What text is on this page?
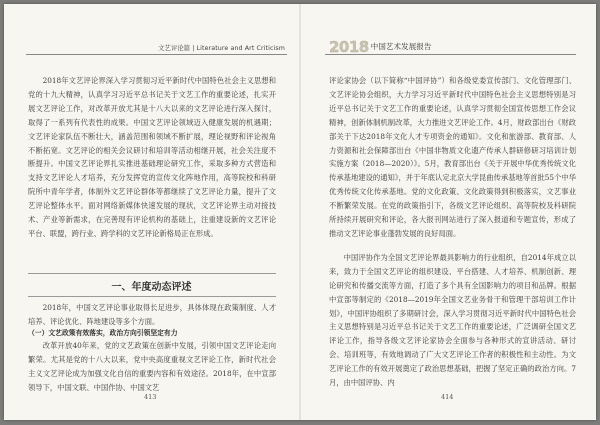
文艺评论篇 | Literature and Art Criticism

2018年文艺评论界深入学习贯彻习近平新时代中国特色社会主义思想和党的十九大精神，认真学习习近平总书记关于文艺工作的重要论述，扎实开展文艺评论工作，对改革开放尤其是十八大以来的文艺评论进行深入探讨，取得了一系列有代表性的成果。中国文艺评论领域迈入健康发展的机遇期；文艺评论家队伍不断壮大，涵盖范围和领域不断扩展，理论视野和评论视角不断拓宽。文艺评论的相关会议研讨和培训等活动相继开展，社会关注度不断提升。中国文艺评论界扎实推进基础理论研究工作，采取多种方式营造和支持文艺评论人才培养，充分发挥党的宣传文化阵地作用，高等院校和科研院所中青年学者，体制外文艺评论群体等都继续了文艺评论力量，提升了文艺评论整体水平。面对网络新媒体快速发展的现状，文艺评论界主动对接技术、产业等新需求，在完善现有评论机构的基础上，注重建设新的文艺评论平台、联盟，跨行业、跨学科的文艺评论新格局正在形成。

一、年度动态评述

2018年，中国文艺评论事业取得长足进步，具体体现在政策制度、人才培养、评论优化、阵地建设等多个方面。

（一）文艺政策有效落实，政治方向引领坚定有力

改革开放40年来，党的文艺政策在创新中发展，引领中国文艺评论走向繁荣。尤其是党的十八大以来，党中央高度重视文艺评论工作，新时代社会主义文艺评论成为加强文化自信的重要内容和有效途径。2018年，在中宣部领导下，中国文联、中国作协、中国文艺

413
2018 中国艺术发展报告

评论家协会（以下简称“中国评协”）和各级党委宣传部门、文化管理部门、文艺评论协会组织，大力学习习近平新时代中国特色社会主义思想特别是习近平总书记关于文艺工作的重要论述，认真学习贯彻全国宣传思想工作会议精神，创新体制机制改革，大力推进文艺评论工作。4月，财政部出台《财政部关于下达2018年文化人才专项资金的通知》。文化和旅游部、教育部、人力资源和社会保障部出台《中国非物质文化遗产传承人群研修研习培训计划实施方案（2018—2020）》。5月，教育部出台《关于开展中华优秀传统文化传承基地建设的通知》，并于年底认定北京大学昆曲传承基地等首批55个中华优秀传统文化传承基地。党的文化政策、文化政策得到积极落实，文艺事业不断繁荣发展。在党的政策指引下，各级文艺评论组织、高等院校及科研院所持续开展研究和评论，各大报刊网站进行了深入报道和专题宣传，形成了推动文艺评论事业蓬勃发展的良好局面。

中国评协作为全国文艺评论界最具影响力的行业组织，自2014年成立以来，致力于全国文艺评论的组织建设、平台搭建、人才培养、机制创新、理论研究和传播交流等方面，打造了多个具有全国影响力的项目和品牌。根据中宣部等制定的《2018—2019年全国文艺业务骨干和管理干部培训工作计划》，中国评协组织了多期研讨会，深入学习贯彻习近平新时代中国特色社会主义思想特别是习近平总书记关于文艺工作的重要论述，广泛调研全国文艺评论工作，指导各级文艺评论家协会全面参与各种形式的宣讲活动、研讨会、培训班等，有效地调动了广大文艺评论工作者的积极性和主动性。为文艺评论工作的有效开展奠定了政治思想基础，把握了坚定正确的政治方向。7月，由中国评协、内

414
